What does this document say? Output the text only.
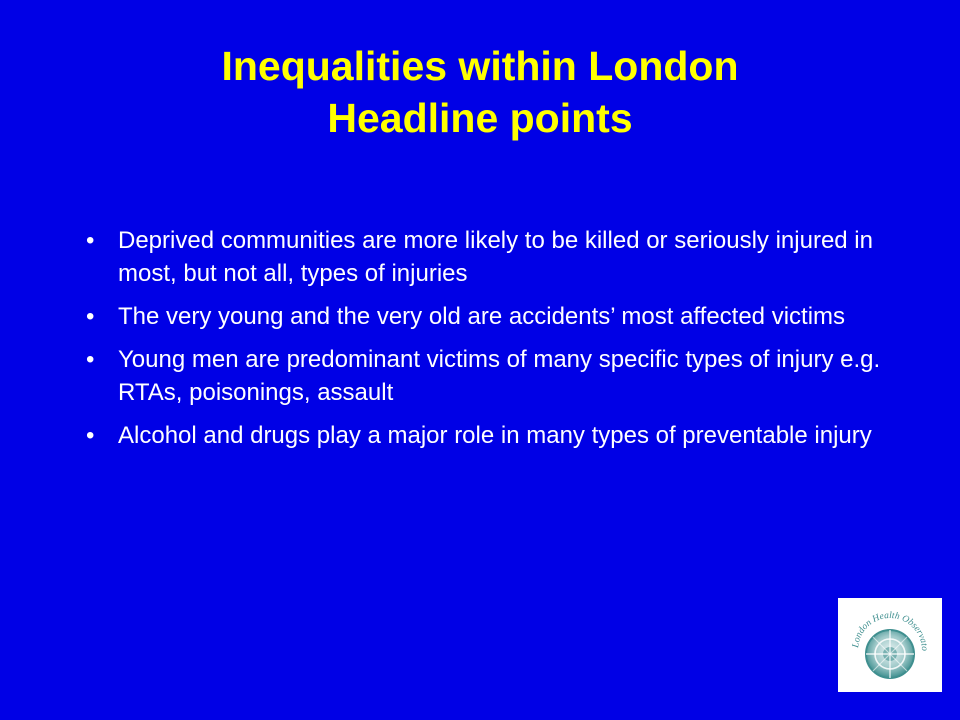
Inequalities within London
Headline points
• Deprived communities are more likely to be killed or seriously injured in most, but not all, types of injuries
• The very young and the very old are accidents’ most affected victims
• Young men are predominant victims of many specific types of injury e.g. RTAs, poisonings, assault
• Alcohol and drugs play a major role in many types of preventable injury
London Health Observato
